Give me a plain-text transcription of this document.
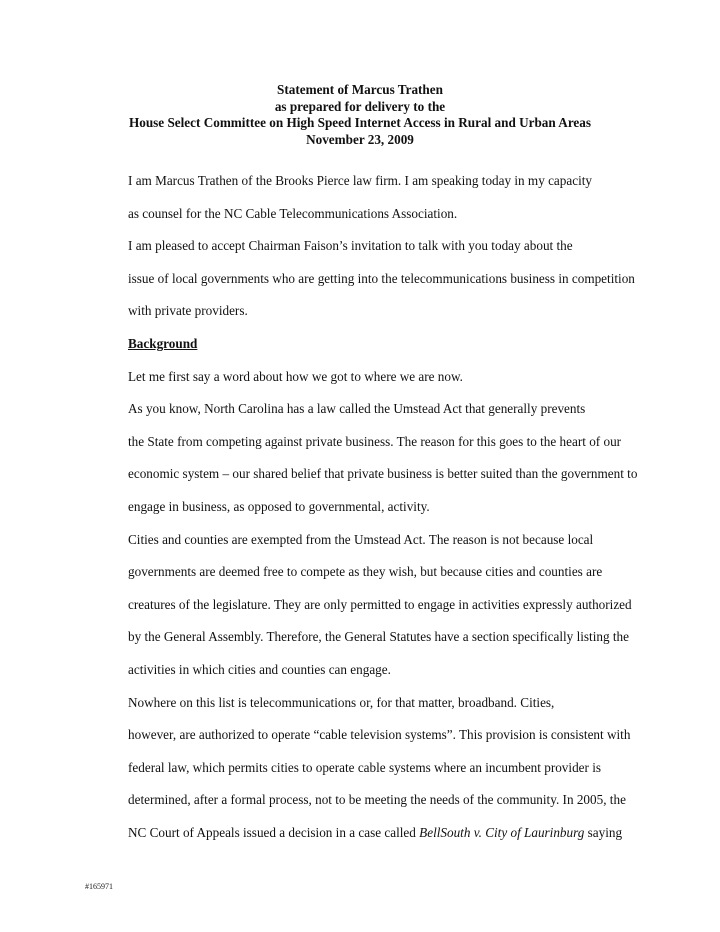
Statement of Marcus Trathen
as prepared for delivery to the
House Select Committee on High Speed Internet Access in Rural and Urban Areas
November 23, 2009

I am Marcus Trathen of the Brooks Pierce law firm. I am speaking today in my capacity
as counsel for the NC Cable Telecommunications Association.

I am pleased to accept Chairman Faison’s invitation to talk with you today about the
issue of local governments who are getting into the telecommunications business in competition
with private providers.

Background

Let me first say a word about how we got to where we are now.

As you know, North Carolina has a law called the Umstead Act that generally prevents
the State from competing against private business. The reason for this goes to the heart of our
economic system – our shared belief that private business is better suited than the government to
engage in business, as opposed to governmental, activity.

Cities and counties are exempted from the Umstead Act. The reason is not because local
governments are deemed free to compete as they wish, but because cities and counties are
creatures of the legislature. They are only permitted to engage in activities expressly authorized
by the General Assembly. Therefore, the General Statutes have a section specifically listing the
activities in which cities and counties can engage.

Nowhere on this list is telecommunications or, for that matter, broadband. Cities,
however, are authorized to operate “cable television systems”. This provision is consistent with
federal law, which permits cities to operate cable systems where an incumbent provider is
determined, after a formal process, not to be meeting the needs of the community. In 2005, the
NC Court of Appeals issued a decision in a case called BellSouth v. City of Laurinburg saying

#165971
